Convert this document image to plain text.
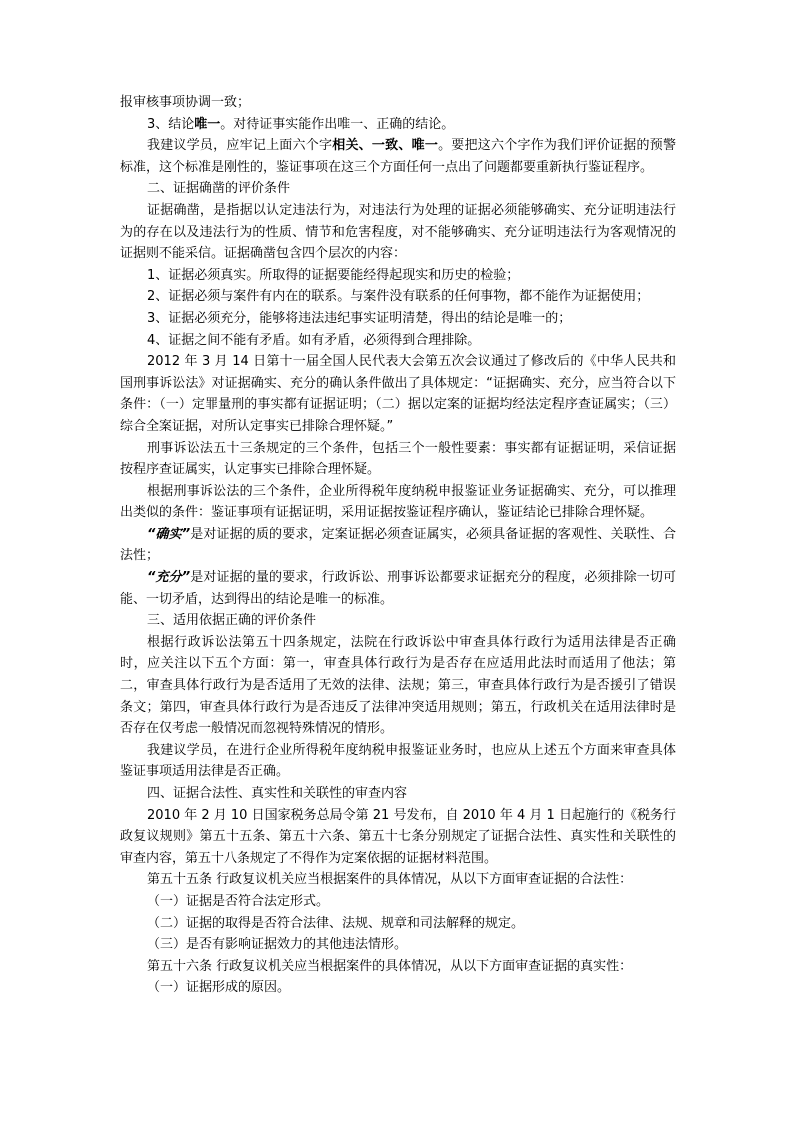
报审核事项协调一致；

3、结论唯一。对待证事实能作出唯一、正确的结论。

我建议学员，应牢记上面六个字相关、一致、唯一。要把这六个字作为我们评价证据的预警标准，这个标准是刚性的，鉴证事项在这三个方面任何一点出了问题都要重新执行鉴证程序。

二、证据确凿的评价条件

证据确凿，是指据以认定违法行为，对违法行为处理的证据必须能够确实、充分证明违法行为的存在以及违法行为的性质、情节和危害程度，对不能够确实、充分证明违法行为客观情况的证据则不能采信。证据确凿包含四个层次的内容：

1、证据必须真实。所取得的证据要能经得起现实和历史的检验；

2、证据必须与案件有内在的联系。与案件没有联系的任何事物，都不能作为证据使用；

3、证据必须充分，能够将违法违纪事实证明清楚，得出的结论是唯一的；

4、证据之间不能有矛盾。如有矛盾，必须得到合理排除。

2012 年 3 月 14 日第十一届全国人民代表大会第五次会议通过了修改后的《中华人民共和国刑事诉讼法》对证据确实、充分的确认条件做出了具体规定：“证据确实、充分，应当符合以下条件：（一）定罪量刑的事实都有证据证明；（二）据以定案的证据均经法定程序查证属实；（三）综合全案证据，对所认定事实已排除合理怀疑。”

刑事诉讼法五十三条规定的三个条件，包括三个一般性要素：事实都有证据证明，采信证据按程序查证属实，认定事实已排除合理怀疑。

根据刑事诉讼法的三个条件，企业所得税年度纳税申报鉴证业务证据确实、充分，可以推理出类似的条件：鉴证事项有证据证明，采用证据按鉴证程序确认，鉴证结论已排除合理怀疑。

“确实”是对证据的质的要求，定案证据必须查证属实，必须具备证据的客观性、关联性、合法性；

“充分”是对证据的量的要求，行政诉讼、刑事诉讼都要求证据充分的程度，必须排除一切可能、一切矛盾，达到得出的结论是唯一的标准。

三、适用依据正确的评价条件

根据行政诉讼法第五十四条规定，法院在行政诉讼中审查具体行政行为适用法律是否正确时，应关注以下五个方面：第一，审查具体行政行为是否存在应适用此法时而适用了他法；第二，审查具体行政行为是否适用了无效的法律、法规；第三，审查具体行政行为是否援引了错误条文；第四，审查具体行政行为是否违反了法律冲突适用规则；第五，行政机关在适用法律时是否存在仅考虑一般情况而忽视特殊情况的情形。

我建议学员，在进行企业所得税年度纳税申报鉴证业务时，也应从上述五个方面来审查具体鉴证事项适用法律是否正确。

四、证据合法性、真实性和关联性的审查内容

2010 年 2 月 10 日国家税务总局令第 21 号发布，自 2010 年 4 月 1 日起施行的《税务行政复议规则》第五十五条、第五十六条、第五十七条分别规定了证据合法性、真实性和关联性的审查内容，第五十八条规定了不得作为定案依据的证据材料范围。

第五十五条 行政复议机关应当根据案件的具体情况，从以下方面审查证据的合法性：

（一）证据是否符合法定形式。

（二）证据的取得是否符合法律、法规、规章和司法解释的规定。

（三）是否有影响证据效力的其他违法情形。

第五十六条 行政复议机关应当根据案件的具体情况，从以下方面审查证据的真实性：

（一）证据形成的原因。
